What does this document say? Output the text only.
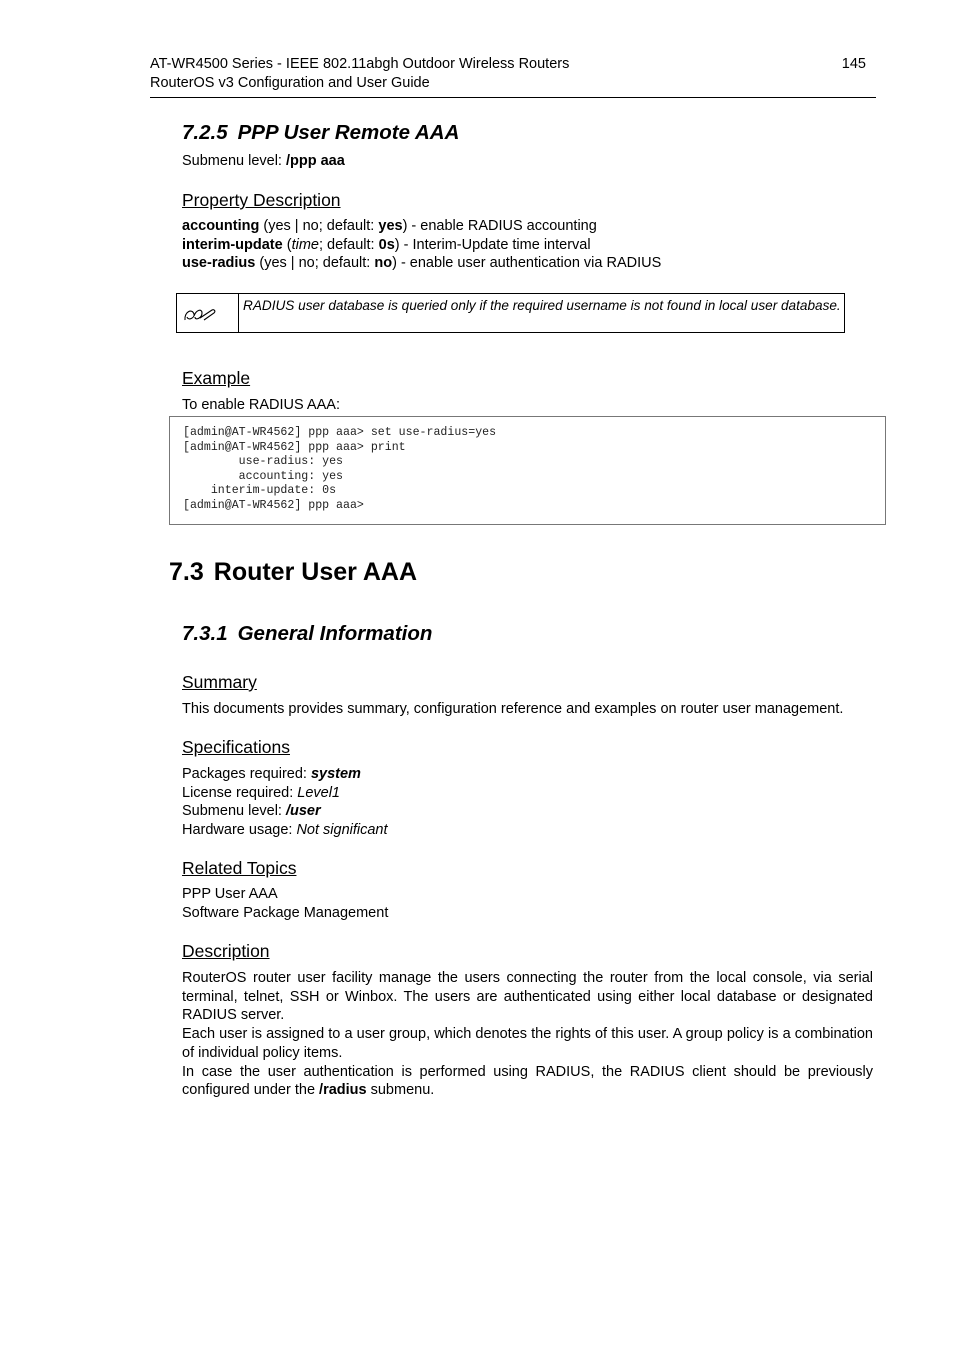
AT-WR4500 Series - IEEE 802.11abgh Outdoor Wireless Routers
RouterOS v3 Configuration and User Guide
145
7.2.5 PPP User Remote AAA
Submenu level: /ppp aaa
Property Description
accounting (yes | no; default: yes) - enable RADIUS accounting
interim-update (time; default: 0s) - Interim-Update time interval
use-radius (yes | no; default: no) - enable user authentication via RADIUS
RADIUS user database is queried only if the required username is not found in local user database.
Example
To enable RADIUS AAA:
[admin@AT-WR4562] ppp aaa> set use-radius=yes
[admin@AT-WR4562] ppp aaa> print
use-radius: yes
accounting: yes
interim-update: 0s
[admin@AT-WR4562] ppp aaa>
7.3 Router User AAA
7.3.1 General Information
Summary
This documents provides summary, configuration reference and examples on router user management.
Specifications
Packages required: system
License required: Level1
Submenu level: /user
Hardware usage: Not significant
Related Topics
PPP User AAA
Software Package Management
Description
RouterOS router user facility manage the users connecting the router from the local console, via serial terminal, telnet, SSH or Winbox. The users are authenticated using either local database or designated RADIUS server.
Each user is assigned to a user group, which denotes the rights of this user. A group policy is a combination of individual policy items.
In case the user authentication is performed using RADIUS, the RADIUS client should be previously configured under the /radius submenu.
